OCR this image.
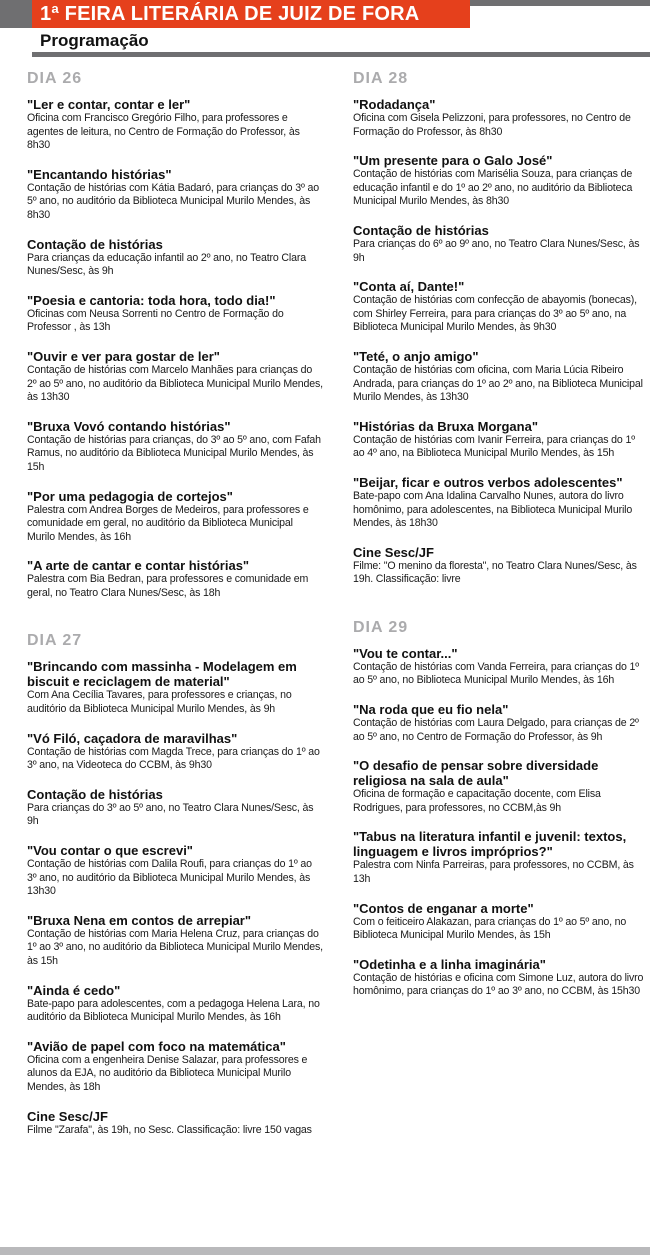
1ª FEIRA LITERÁRIA DE JUIZ DE FORA
Programação
DIA 26
"Ler e contar, contar e ler"
Oficina com Francisco Gregório Filho, para professores e agentes de leitura, no Centro de Formação do Professor, às 8h30
"Encantando histórias"
Contação de histórias com Kátia Badaró, para crianças do 3º ao 5º ano, no auditório da Biblioteca Municipal Murilo Mendes, às 8h30
Contação de histórias
Para crianças da educação infantil ao 2º ano, no Teatro Clara Nunes/Sesc, às 9h
"Poesia e cantoria: toda hora, todo dia!"
Oficinas com Neusa Sorrenti no Centro de Formação do Professor , às 13h
"Ouvir e ver para gostar de ler"
Contação de histórias com Marcelo Manhães para crianças do 2º ao 5º ano, no auditório da Biblioteca Municipal Murilo Mendes, às 13h30
"Bruxa Vovó contando histórias"
Contação de histórias para crianças, do 3º ao 5º ano, com Fafah Ramus, no auditório da Biblioteca Municipal Murilo Mendes, às 15h
"Por uma pedagogia de cortejos"
Palestra com Andrea Borges de Medeiros, para professores e comunidade em geral, no auditório da Biblioteca Municipal Murilo Mendes, às 16h
"A arte de cantar e contar histórias"
Palestra com Bia Bedran, para professores e comunidade em geral, no Teatro Clara Nunes/Sesc, às 18h
DIA 27
"Brincando com massinha - Modelagem em biscuit e reciclagem de material"
Com Ana Cecília Tavares, para professores e crianças, no auditório da Biblioteca Municipal Murilo Mendes, às 9h
"Vó Filó, caçadora de maravilhas"
Contação de histórias com Magda Trece, para crianças do 1º ao 3º ano, na Videoteca do CCBM, às 9h30
Contação de histórias
Para crianças do 3º ao 5º ano, no Teatro Clara Nunes/Sesc, às 9h
"Vou contar o que escrevi"
Contação de histórias com Dalila Roufi, para crianças do 1º ao 3º ano, no auditório da Biblioteca Municipal Murilo Mendes, às 13h30
"Bruxa Nena em contos de arrepiar"
Contação de histórias com Maria Helena Cruz, para crianças do 1º ao 3º ano, no auditório da Biblioteca Municipal Murilo Mendes, às 15h
"Ainda é cedo"
Bate-papo para adolescentes, com a pedagoga Helena Lara, no auditório da Biblioteca Municipal Murilo Mendes, às 16h
"Avião de papel com foco na matemática"
Oficina com a engenheira Denise Salazar, para professores e alunos da EJA, no auditório da Biblioteca Municipal Murilo Mendes, às 18h
Cine Sesc/JF
Filme "Zarafa", às 19h, no Sesc. Classificação: livre 150 vagas
DIA 28
"Rodadança"
Oficina com Gisela Pelizzoni, para professores, no Centro de Formação do Professor, às 8h30
"Um presente para o Galo José"
Contação de histórias com Marisélia Souza, para crianças de educação infantil e do 1º ao 2º ano, no auditório da Biblioteca Municipal Murilo Mendes, às 8h30
Contação de histórias
Para crianças do 6º ao 9º ano, no Teatro Clara Nunes/Sesc, às 9h
"Conta aí, Dante!"
Contação de histórias com confecção de abayomis (bonecas), com Shirley Ferreira, para para crianças do 3º ao 5º ano, na Biblioteca Municipal Murilo Mendes, às 9h30
"Teté, o anjo amigo"
Contação de histórias com oficina, com Maria Lúcia Ribeiro Andrada, para crianças do 1º ao 2º ano, na Biblioteca Municipal Murilo Mendes, às 13h30
"Histórias da Bruxa Morgana"
Contação de histórias com Ivanir Ferreira, para crianças do 1º ao 4º ano, na Biblioteca Municipal Murilo Mendes, às 15h
"Beijar, ficar e outros verbos adolescentes"
Bate-papo com Ana Idalina Carvalho Nunes, autora do livro homônimo, para adolescentes, na Biblioteca Municipal Murilo Mendes, às 18h30
Cine Sesc/JF
Filme: "O menino da floresta", no Teatro Clara Nunes/Sesc, às 19h. Classificação: livre
DIA 29
"Vou te contar..."
Contação de histórias com Vanda Ferreira, para crianças do 1º ao 5º ano, no Biblioteca Municipal Murilo Mendes, às 16h
"Na roda que eu fio nela"
Contação de histórias com Laura Delgado, para crianças de 2º ao 5º ano, no Centro de Formação do Professor, às 9h
"O desafio de pensar sobre diversidade religiosa na sala de aula"
Oficina de formação e capacitação docente, com Elisa Rodrigues, para professores, no CCBM,às 9h
"Tabus na literatura infantil e juvenil: textos, linguagem e livros impróprios?"
Palestra com Ninfa Parreiras, para professores, no CCBM, às 13h
"Contos de enganar a morte"
Com o feiticeiro Alakazan, para crianças do 1º ao 5º ano, no Biblioteca Municipal Murilo Mendes, às 15h
"Odetinha e a linha imaginária"
Contação de histórias e oficina com Simone Luz, autora do livro homônimo, para crianças do 1º ao 3º ano, no CCBM, às 15h30
